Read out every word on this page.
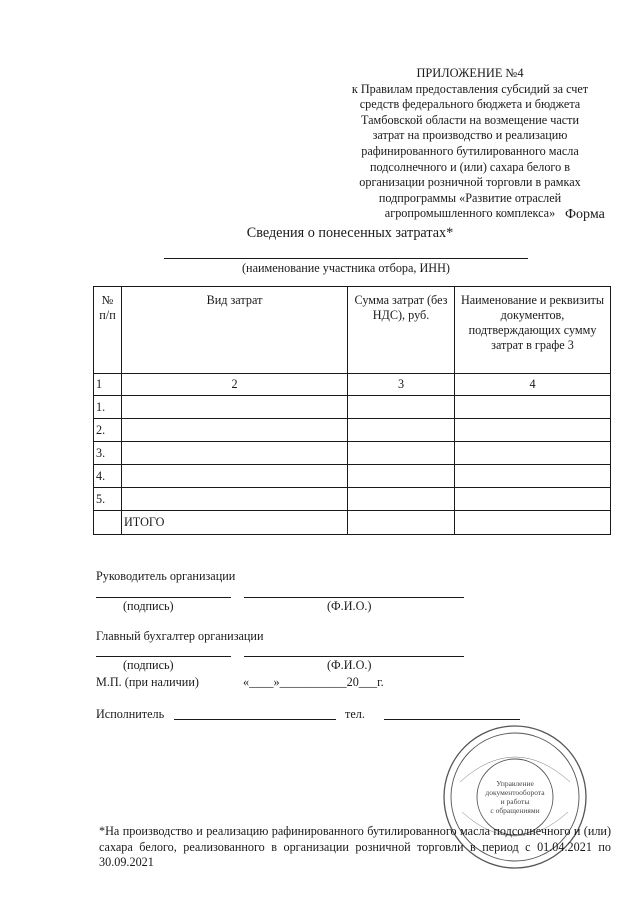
ПРИЛОЖЕНИЕ №4
к Правилам предоставления субсидий за счет
средств федерального бюджета и бюджета
Тамбовской области на возмещение части
затрат на производство и реализацию
рафинированного бутилированного масла
подсолнечного и (или) сахара белого в
организации розничной торговли в рамках
подпрограммы «Развитие отраслей
агропромышленного комплекса» Форма
Сведения о понесенных затратах*
(наименование участника отбора, ИНН)
№ п/п	Вид затрат	Сумма затрат (без НДС), руб.	Наименование и реквизиты документов, подтверждающих сумму затрат в графе 3
1	2	3	4
1.			
2.			
3.			
4.			
5.			
	ИТОГО		
Руководитель организации
(подпись)	(Ф.И.О.)
Главный бухгалтер организации
(подпись)	(Ф.И.О.)
М.П. (при наличии)	«____»___________20___г.
Исполнитель	тел.
Управление
документооборота
и работы
с обращениями
*На производство и реализацию рафинированного бутилированного масла подсолнечного и (или) сахара белого, реализованного в организации розничной торговли в период с 01.04.2021 по 30.09.2021
